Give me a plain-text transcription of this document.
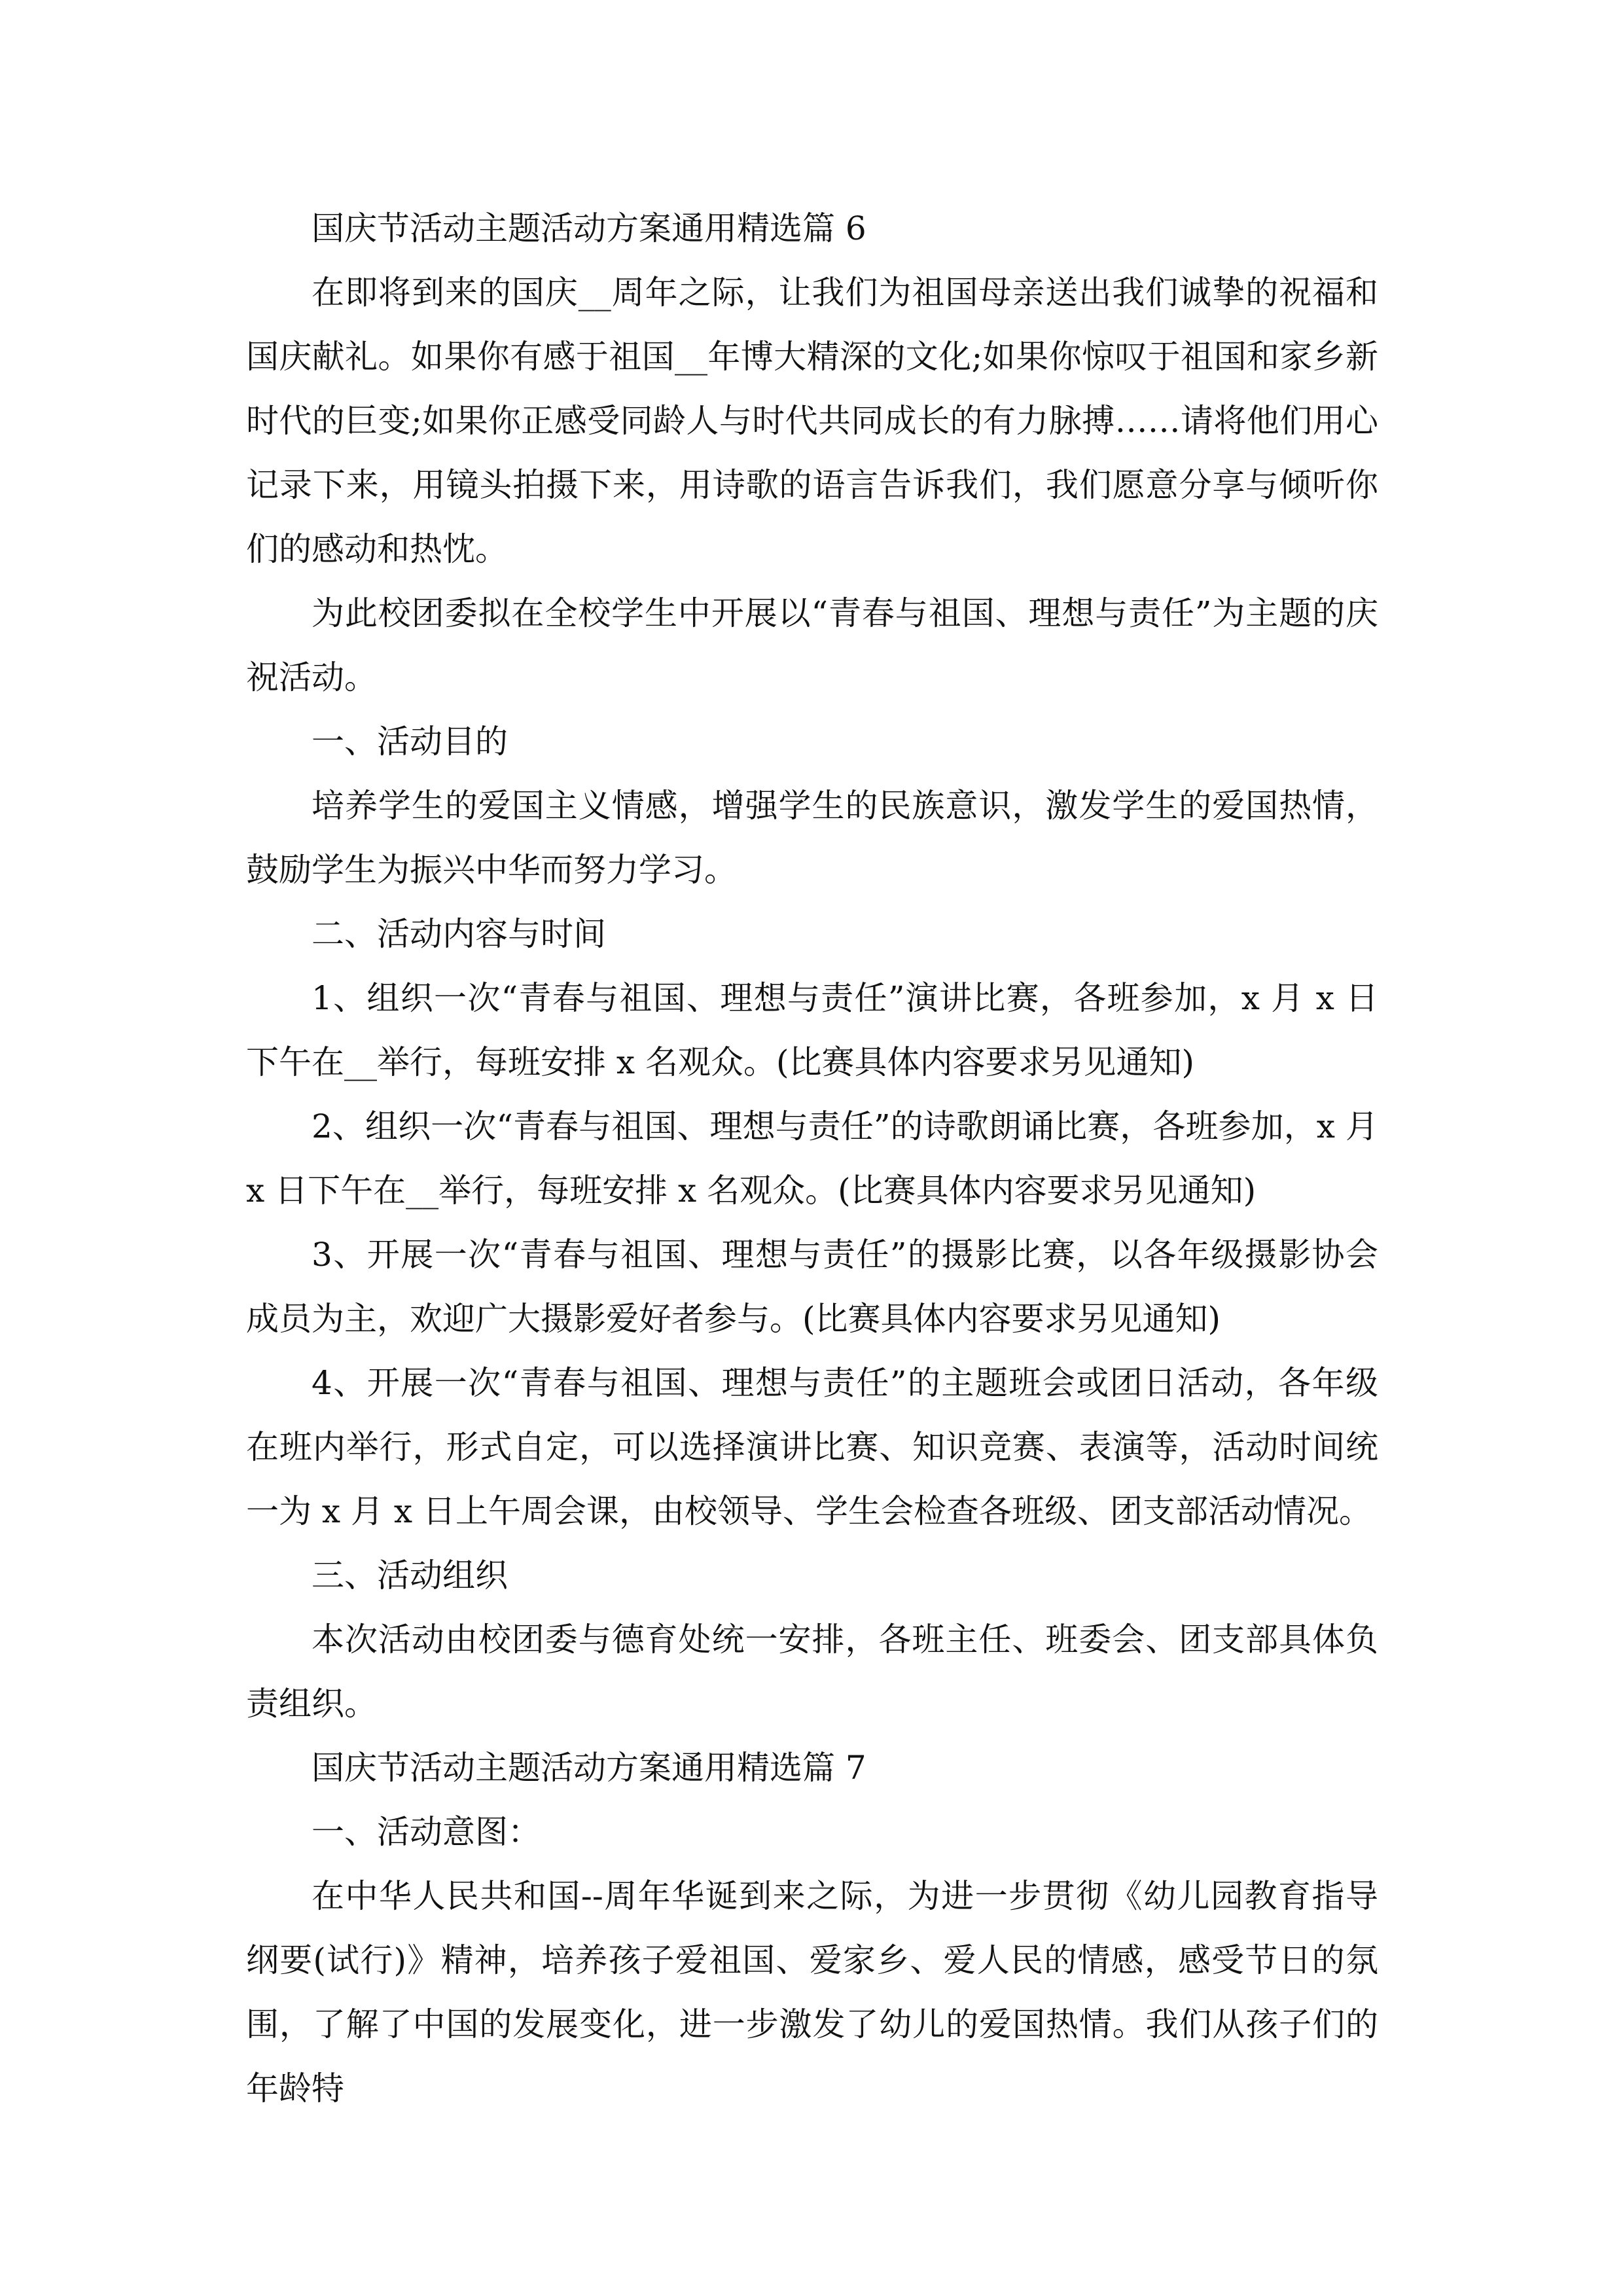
国庆节活动主题活动方案通用精选篇 6

在即将到来的国庆__周年之际，让我们为祖国母亲送出我们诚挚的祝福和国庆献礼。如果你有感于祖国__年博大精深的文化;如果你惊叹于祖国和家乡新时代的巨变;如果你正感受同龄人与时代共同成长的有力脉搏……请将他们用心记录下来，用镜头拍摄下来，用诗歌的语言告诉我们，我们愿意分享与倾听你们的感动和热忱。

为此校团委拟在全校学生中开展以“青春与祖国、理想与责任”为主题的庆祝活动。

一、活动目的

培养学生的爱国主义情感，增强学生的民族意识，激发学生的爱国热情，鼓励学生为振兴中华而努力学习。

二、活动内容与时间

1、组织一次“青春与祖国、理想与责任”演讲比赛，各班参加，x 月 x 日下午在__举行，每班安排 x 名观众。(比赛具体内容要求另见通知)

2、组织一次“青春与祖国、理想与责任”的诗歌朗诵比赛，各班参加，x 月 x 日下午在__举行，每班安排 x 名观众。(比赛具体内容要求另见通知)

3、开展一次“青春与祖国、理想与责任”的摄影比赛，以各年级摄影协会成员为主，欢迎广大摄影爱好者参与。(比赛具体内容要求另见通知)

4、开展一次“青春与祖国、理想与责任”的主题班会或团日活动，各年级在班内举行，形式自定，可以选择演讲比赛、知识竞赛、表演等，活动时间统一为 x 月 x 日上午周会课，由校领导、学生会检查各班级、团支部活动情况。

三、活动组织

本次活动由校团委与德育处统一安排，各班主任、班委会、团支部具体负责组织。

国庆节活动主题活动方案通用精选篇 7

一、活动意图：

在中华人民共和国--周年华诞到来之际，为进一步贯彻《幼儿园教育指导纲要(试行)》精神，培养孩子爱祖国、爱家乡、爱人民的情感，感受节日的氛围，了解了中国的发展变化，进一步激发了幼儿的爱国热情。我们从孩子们的年龄特
